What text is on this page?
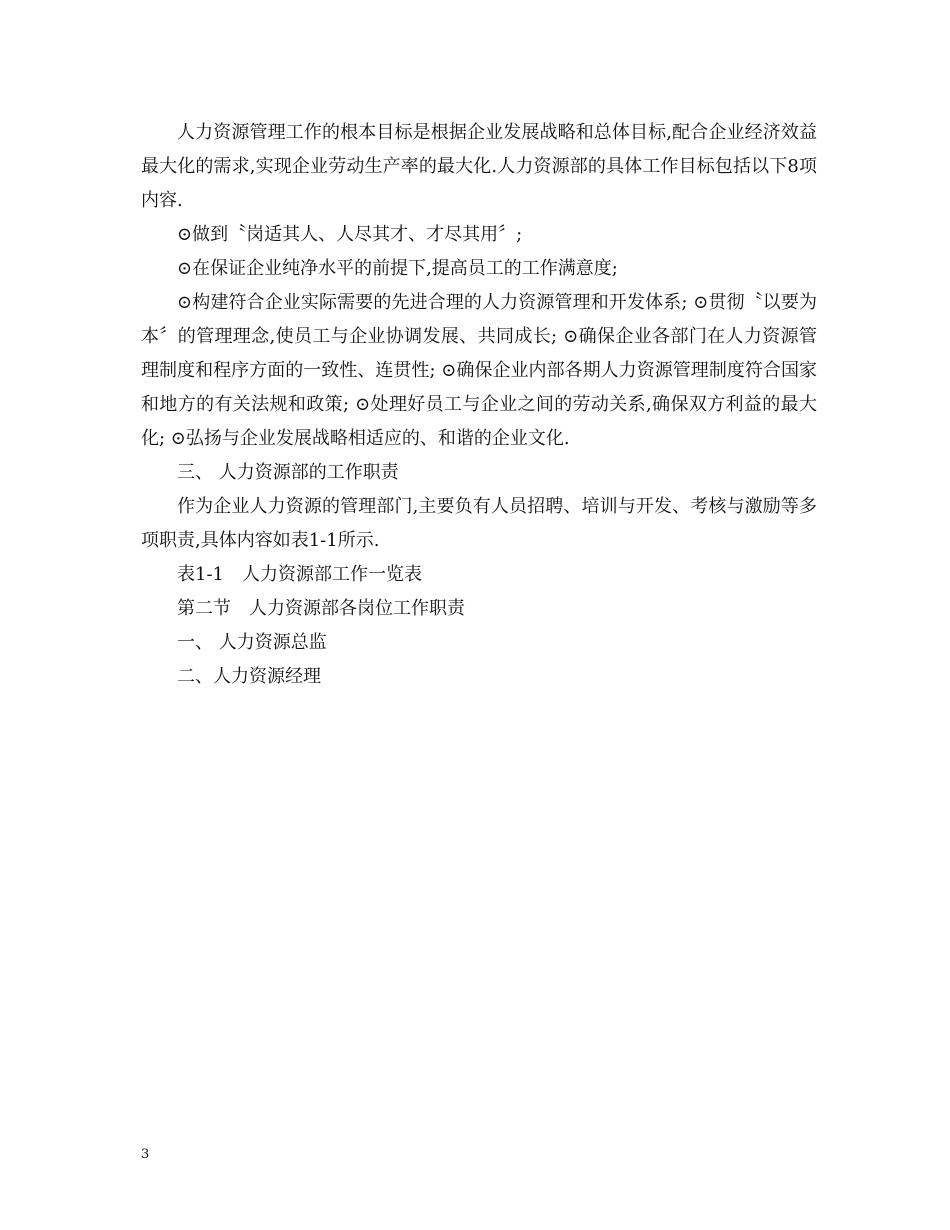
人力资源管理工作的根本目标是根据企业发展战略和总体目标,配合企业经济效益最大化的需求,实现企业劳动生产率的最大化.人力资源部的具体工作目标包括以下8项内容.

⊙做到〝岗适其人、人尽其才、才尽其用〞;

⊙在保证企业纯净水平的前提下,提高员工的工作满意度;

⊙构建符合企业实际需要的先进合理的人力资源管理和开发体系; ⊙贯彻〝以要为本〞的管理理念,使员工与企业协调发展、共同成长; ⊙确保企业各部门在人力资源管理制度和程序方面的一致性、连贯性; ⊙确保企业内部各期人力资源管理制度符合国家和地方的有关法规和政策; ⊙处理好员工与企业之间的劳动关系,确保双方利益的最大化; ⊙弘扬与企业发展战略相适应的、和谐的企业文化.

三、 人力资源部的工作职责

作为企业人力资源的管理部门,主要负有人员招聘、培训与开发、考核与激励等多项职责,具体内容如表1-1所示.

表1-1　人力资源部工作一览表

第二节　人力资源部各岗位工作职责

一、 人力资源总监

二、人力资源经理

3
